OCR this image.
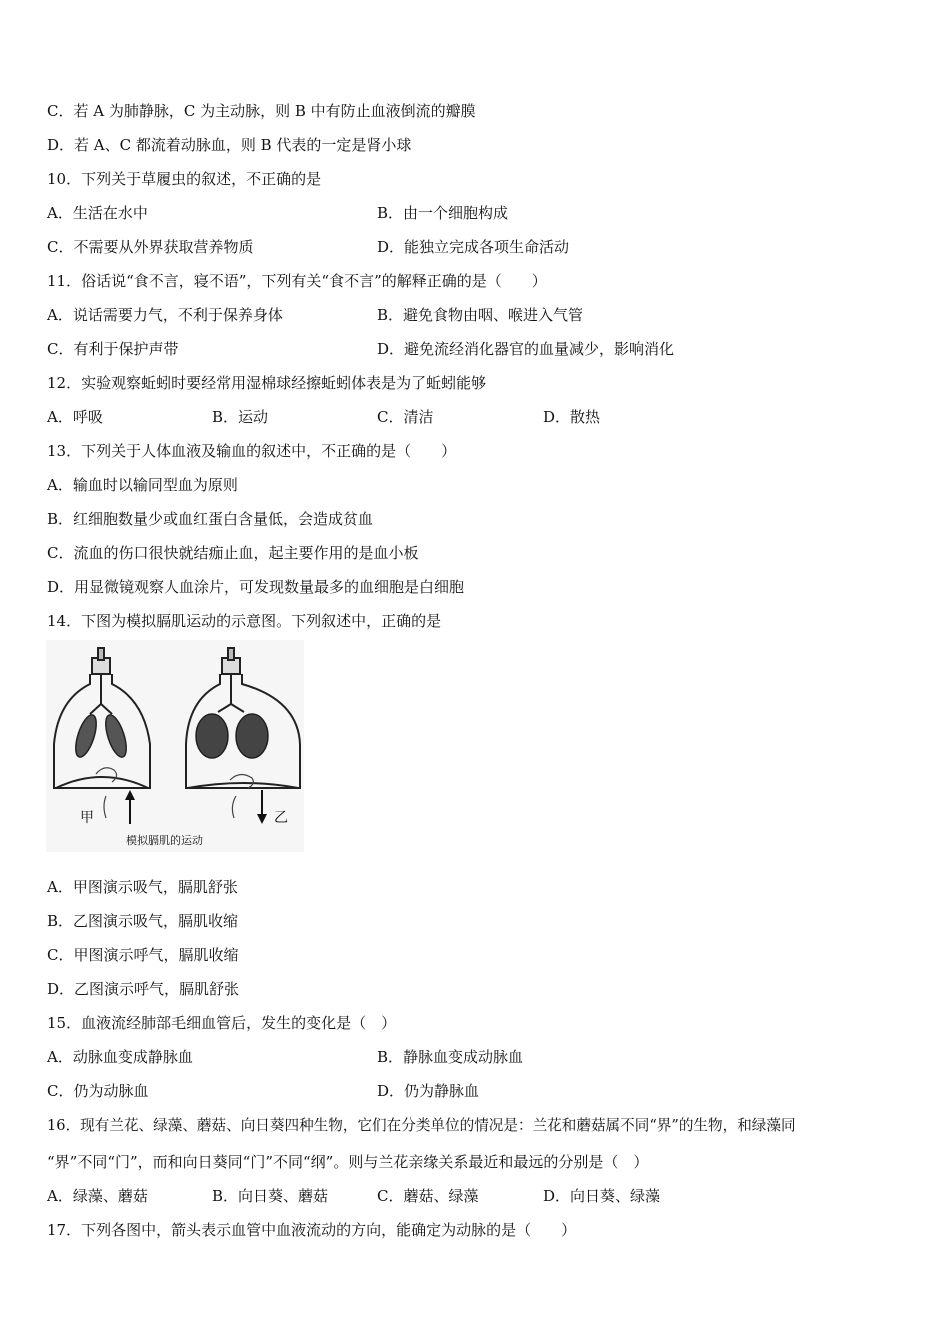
C．若 A 为肺静脉，C 为主动脉，则 B 中有防止血液倒流的瓣膜
D．若 A、C 都流着动脉血，则 B 代表的一定是肾小球
10．下列关于草履虫的叙述，不正确的是
A．生活在水中	B．由一个细胞构成
C．不需要从外界获取营养物质	D．能独立完成各项生命活动
11．俗话说“食不言，寝不语”，下列有关“食不言”的解释正确的是（　　）
A．说话需要力气，不利于保养身体	B．避免食物由咽、喉进入气管
C．有利于保护声带	D．避免流经消化器官的血量减少，影响消化
12．实验观察蚯蚓时要经常用湿棉球经擦蚯蚓体表是为了蚯蚓能够
A．呼吸	B．运动	C．清洁	D．散热
13．下列关于人体血液及输血的叙述中，不正确的是（　　）
A．输血时以输同型血为原则
B．红细胞数量少或血红蛋白含量低，会造成贫血
C．流血的伤口很快就结痂止血，起主要作用的是血小板
D．用显微镜观察人血涂片，可发现数量最多的血细胞是白细胞
14．下图为模拟膈肌运动的示意图。下列叙述中，正确的是
甲	乙
模拟膈肌的运动
A．甲图演示吸气，膈肌舒张
B．乙图演示吸气，膈肌收缩
C．甲图演示呼气，膈肌收缩
D．乙图演示呼气，膈肌舒张
15．血液流经肺部毛细血管后，发生的变化是（　）
A．动脉血变成静脉血	B．静脉血变成动脉血
C．仍为动脉血	D．仍为静脉血
16．现有兰花、绿藻、蘑菇、向日葵四种生物，它们在分类单位的情况是：兰花和蘑菇属不同“界”的生物，和绿藻同
“界”不同“门”，而和向日葵同“门”不同“纲”。则与兰花亲缘关系最近和最远的分别是（　）
A．绿藻、蘑菇	B．向日葵、蘑菇	C．蘑菇、绿藻	D．向日葵、绿藻
17．下列各图中，箭头表示血管中血液流动的方向，能确定为动脉的是（　　）
